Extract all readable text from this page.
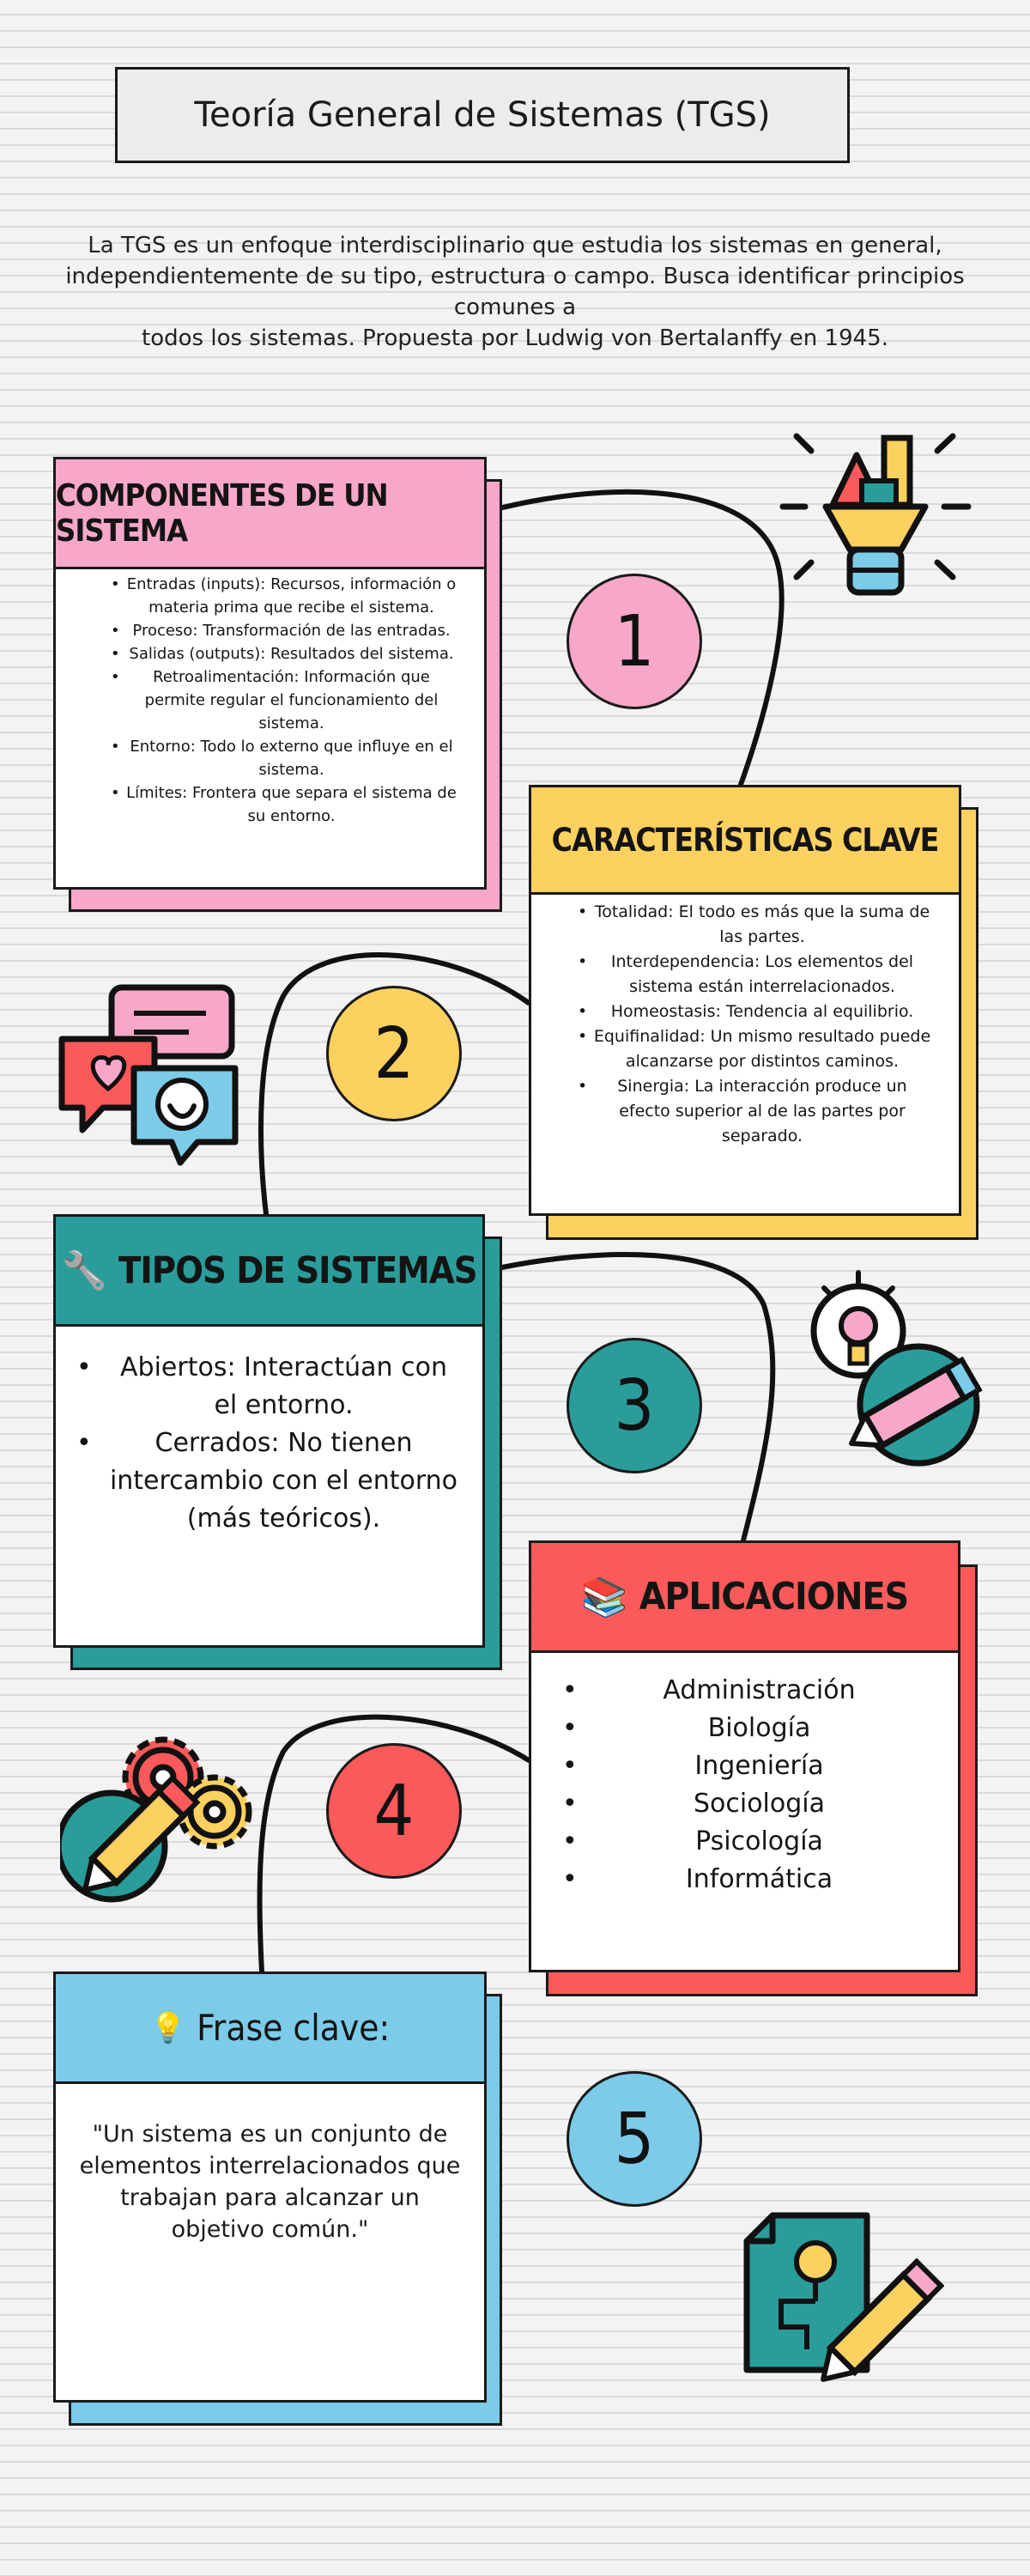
Teoría General de Sistemas (TGS)
La TGS es un enfoque interdisciplinario que estudia los sistemas en general,
independientemente de su tipo, estructura o campo. Busca identificar principios comunes a
todos los sistemas. Propuesta por Ludwig von Bertalanffy en 1945.
COMPONENTES DE UN SISTEMA
• Entradas (inputs): Recursos, información o materia prima que recibe el sistema.
• Proceso: Transformación de las entradas.
• Salidas (outputs): Resultados del sistema.
• Retroalimentación: Información que permite regular el funcionamiento del sistema.
• Entorno: Todo lo externo que influye en el sistema.
• Límites: Frontera que separa el sistema de su entorno.
1
CARACTERÍSTICAS CLAVE
• Totalidad: El todo es más que la suma de las partes.
• Interdependencia: Los elementos del sistema están interrelacionados.
• Homeostasis: Tendencia al equilibrio.
• Equifinalidad: Un mismo resultado puede alcanzarse por distintos caminos.
• Sinergia: La interacción produce un efecto superior al de las partes por separado.
2
🔧 TIPOS DE SISTEMAS
• Abiertos: Interactúan con el entorno.
• Cerrados: No tienen intercambio con el entorno (más teóricos).
3
📚 APLICACIONES
• Administración
• Biología
• Ingeniería
• Sociología
• Psicología
• Informática
4
💡 Frase clave:
"Un sistema es un conjunto de elementos interrelacionados que trabajan para alcanzar un objetivo común."
5
